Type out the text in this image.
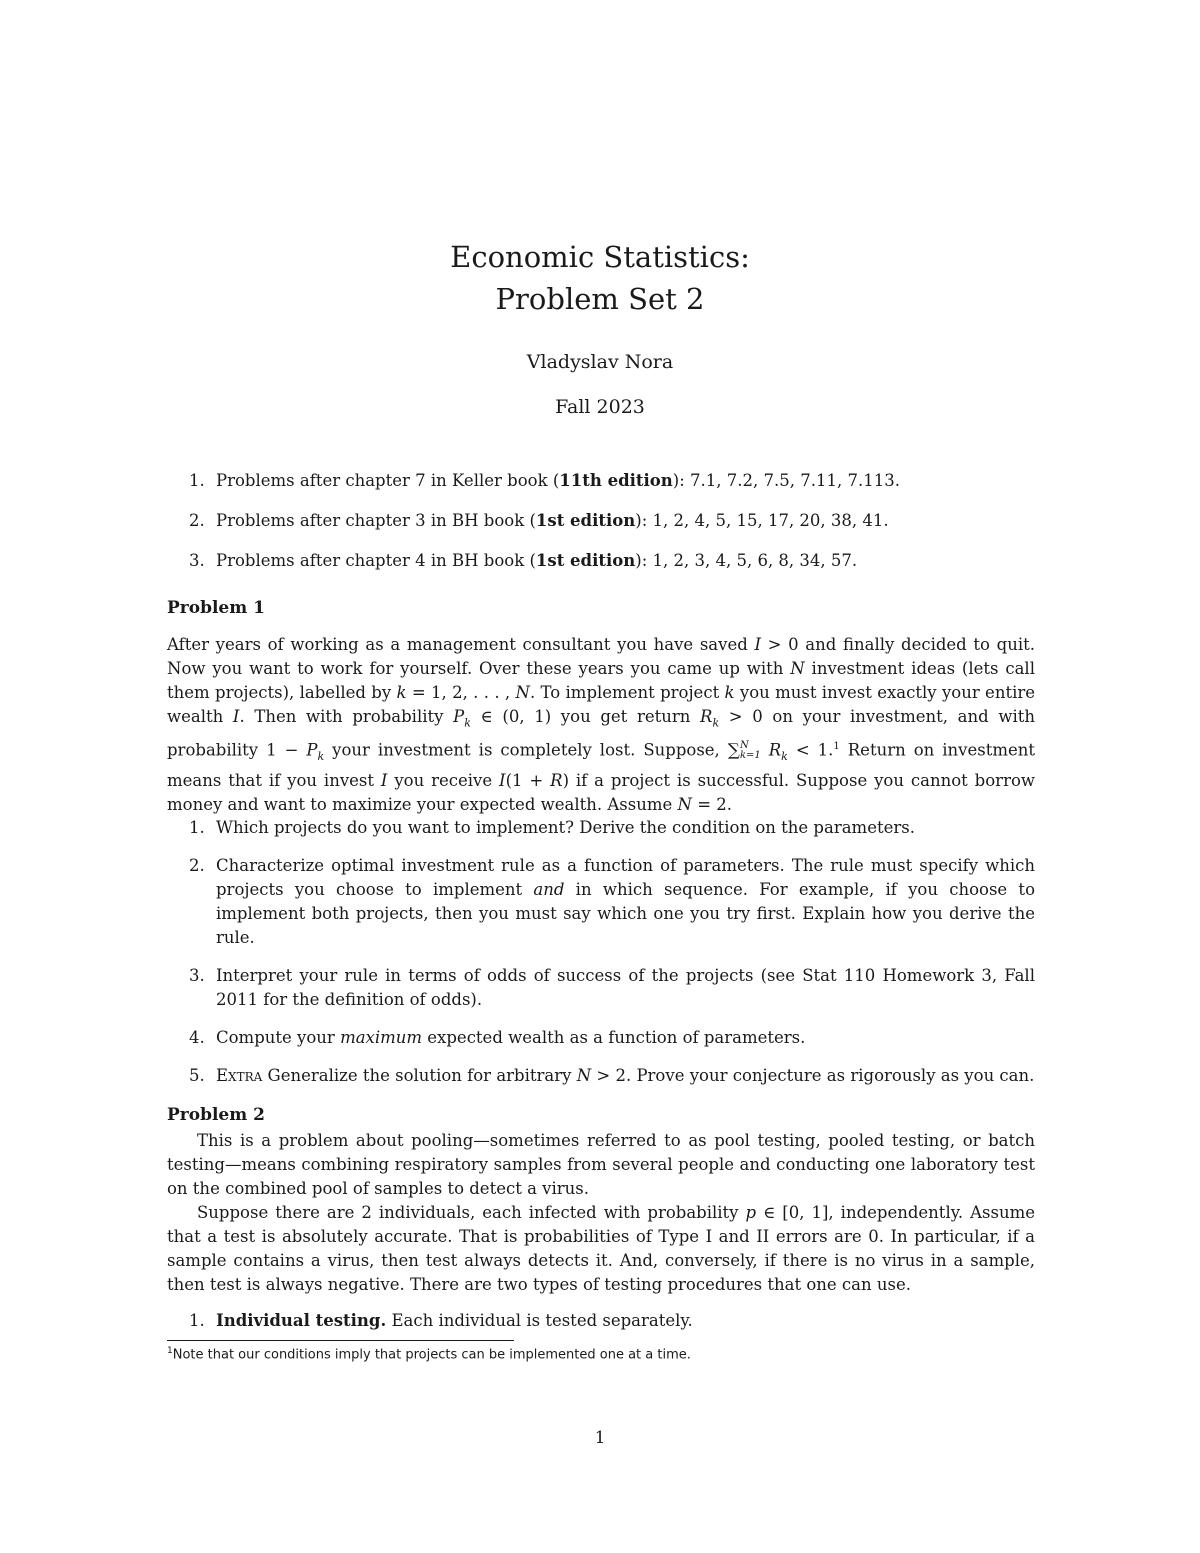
Economic Statistics:
Problem Set 2
Vladyslav Nora
Fall 2023
1. Problems after chapter 7 in Keller book (11th edition): 7.1, 7.2, 7.5, 7.11, 7.113.
2. Problems after chapter 3 in BH book (1st edition): 1, 2, 4, 5, 15, 17, 20, 38, 41.
3. Problems after chapter 4 in BH book (1st edition): 1, 2, 3, 4, 5, 6, 8, 34, 57.
Problem 1
After years of working as a management consultant you have saved I > 0 and finally decided to quit. Now you want to work for yourself. Over these years you came up with N investment ideas (lets call them projects), labelled by k = 1, 2, . . . , N. To implement project k you must invest exactly your entire wealth I. Then with probability $P_k$ ∈ (0, 1) you get return $R_k > 0$ on your investment, and with probability $1 - P_k$ your investment is completely lost. Suppose, ∑ N
k=1 $R_k < 1.^1$ Return on investment means that if you invest I you receive I(1 + R) if a project is successful. Suppose you cannot borrow money and want to maximize your expected wealth. Assume N = 2.
1. Which projects do you want to implement? Derive the condition on the parameters.
2. Characterize optimal investment rule as a function of parameters. The rule must specify which projects you choose to implement and in which sequence. For example, if you choose to implement both projects, then you must say which one you try first. Explain how you derive the rule.
3. Interpret your rule in terms of odds of success of the projects (see Stat 110 Homework 3, Fall 2011 for the definition of odds).
4. Compute your maximum expected wealth as a function of parameters.
5. Extra Generalize the solution for arbitrary N > 2. Prove your conjecture as rigorously as you can.
Problem 2
This is a problem about pooling—sometimes referred to as pool testing, pooled testing, or batch testing—means combining respiratory samples from several people and conducting one laboratory test on the combined pool of samples to detect a virus.
Suppose there are 2 individuals, each infected with probability p ∈ [0, 1], independently. Assume that a test is absolutely accurate. That is probabilities of Type I and II errors are 0. In particular, if a sample contains a virus, then test always detects it. And, conversely, if there is no virus in a sample, then test is always negative. There are two types of testing procedures that one can use.
1. Individual testing. Each individual is tested separately.
$^1$Note that our conditions imply that projects can be implemented one at a time.
1
